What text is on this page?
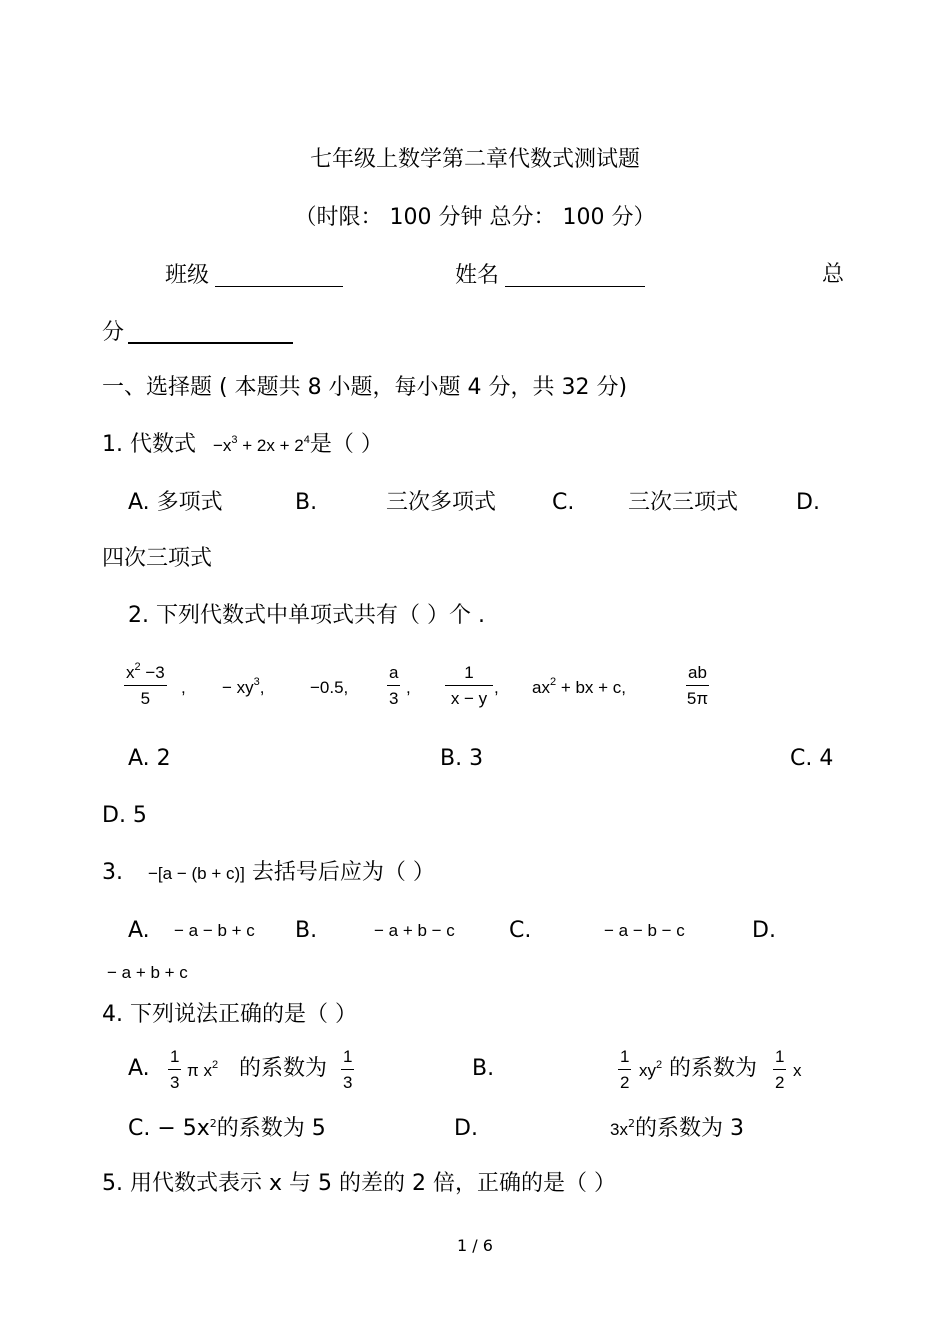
七年级上数学第二章代数式测试题
（时限： 100 分钟 总分： 100 分）
班级	姓名	总
分
一、选择题 ( 本题共 8 小题，每小题 4 分，共 32 分)
1. 代数式 $-x^3 + 2x + 2^4$是（ ）
A. 多项式	B.	三次多项式	C. 三次三项式	D.
四次三项式
2. 下列代数式中单项式共有（ ）个 .
$\frac{x^2 -3}{5}$ , − $xy^3$,	−0.5, $\frac{a}{3}$ , $\frac{1}{x - y}$ , $ax^2$ + bx + c,	$\frac{ab}{5\pi}$
A. 2	B. 3	C. 4
D. 5
3. −[a − (b + c)] 去括号后应为（ ）
A. − a − b + c B.	− a + b − c C.	− a − b − c	D.
− a + b + c
4. 下列说法正确的是（ ）
A. $\frac{1}{3}$ π $x^2$ 的系数为 $\frac{1}{3}$	B.	$\frac{1}{2} xy^2$ 的系数为 $\frac{1}{2}$ x
C. − $5x^2$的系数为 5	D.	$3x^2$的系数为 3
5. 用代数式表示 x 与 5 的差的 2 倍，正确的是（ ）
1 / 6
